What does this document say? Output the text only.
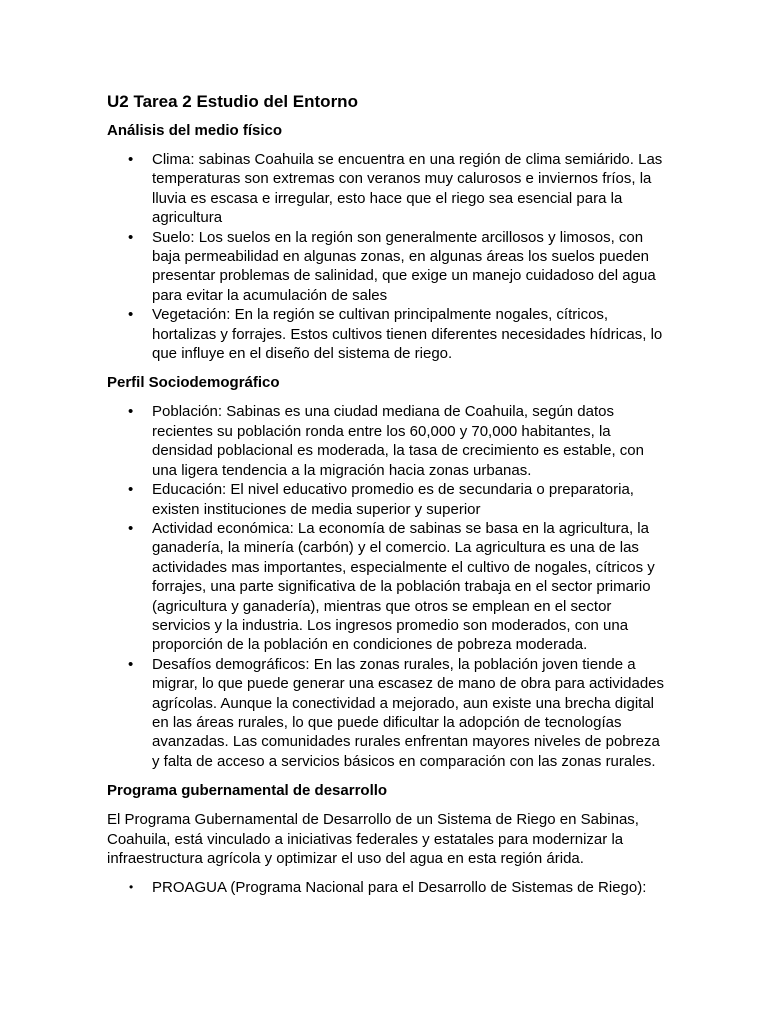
U2 Tarea 2 Estudio del Entorno
Análisis del medio físico
• Clima: sabinas Coahuila se encuentra en una región de clima semiárido. Las temperaturas son extremas con veranos muy calurosos e inviernos fríos, la lluvia es escasa e irregular, esto hace que el riego sea esencial para la agricultura
• Suelo: Los suelos en la región son generalmente arcillosos y limosos, con baja permeabilidad en algunas zonas, en algunas áreas los suelos pueden presentar problemas de salinidad, que exige un manejo cuidadoso del agua para evitar la acumulación de sales
• Vegetación: En la región se cultivan principalmente nogales, cítricos, hortalizas y forrajes. Estos cultivos tienen diferentes necesidades hídricas, lo que influye en el diseño del sistema de riego.
Perfil Sociodemográfico
• Población: Sabinas es una ciudad mediana de Coahuila, según datos recientes su población ronda entre los 60,000 y 70,000 habitantes, la densidad poblacional es moderada, la tasa de crecimiento es estable, con una ligera tendencia a la migración hacia zonas urbanas.
• Educación: El nivel educativo promedio es de secundaria o preparatoria, existen instituciones de media superior y superior
• Actividad económica: La economía de sabinas se basa en la agricultura, la ganadería, la minería (carbón) y el comercio. La agricultura es una de las actividades mas importantes, especialmente el cultivo de nogales, cítricos y forrajes, una parte significativa de la población trabaja en el sector primario (agricultura y ganadería), mientras que otros se emplean en el sector servicios y la industria. Los ingresos promedio son moderados, con una proporción de la población en condiciones de pobreza moderada.
• Desafíos demográficos: En las zonas rurales, la población joven tiende a migrar, lo que puede generar una escasez de mano de obra para actividades agrícolas. Aunque la conectividad a mejorado, aun existe una brecha digital en las áreas rurales, lo que puede dificultar la adopción de tecnologías avanzadas. Las comunidades rurales enfrentan mayores niveles de pobreza y falta de acceso a servicios básicos en comparación con las zonas rurales.
Programa gubernamental de desarrollo

El Programa Gubernamental de Desarrollo de un Sistema de Riego en Sabinas, Coahuila, está vinculado a iniciativas federales y estatales para modernizar la infraestructura agrícola y optimizar el uso del agua en esta región árida.

• PROAGUA (Programa Nacional para el Desarrollo de Sistemas de Riego):
